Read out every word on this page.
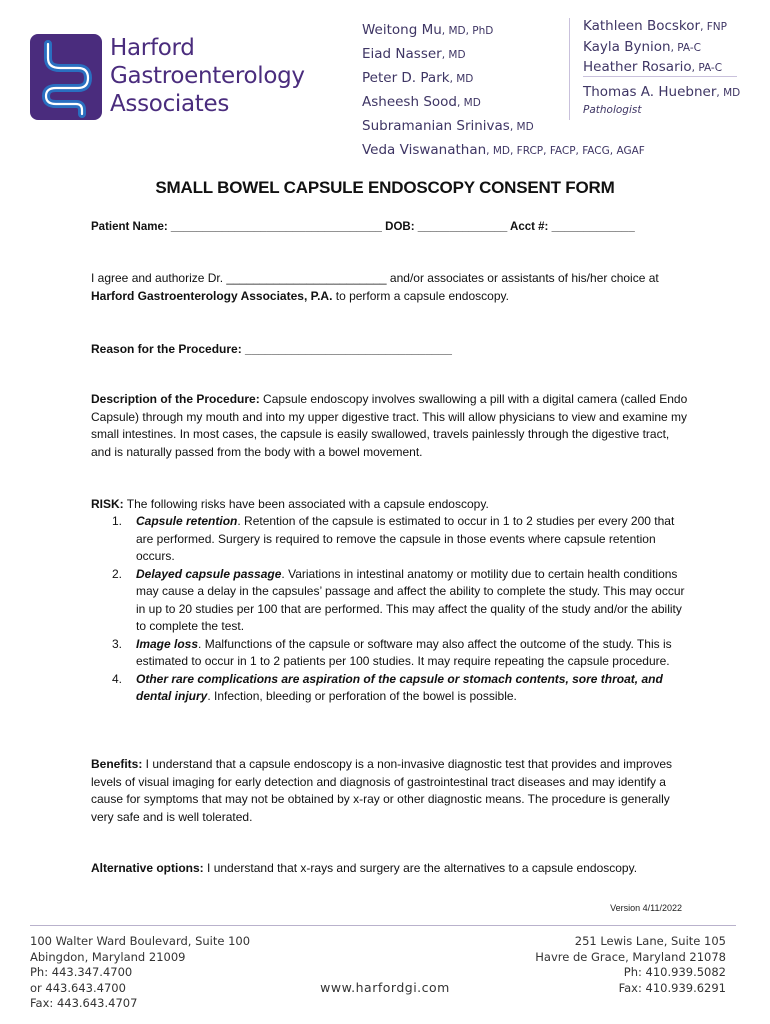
Harford
Gastroenterology
Associates
Weitong Mu, MD, PhD
Eiad Nasser, MD
Peter D. Park, MD
Asheesh Sood, MD
Subramanian Srinivas, MD
Veda Viswanathan, MD, FRCP, FACP, FACG, AGAF
Kathleen Bocskor, FNP
Kayla Bynion, PA-C
Heather Rosario, PA-C
Thomas A. Huebner, MD
Pathologist
SMALL BOWEL CAPSULE ENDOSCOPY CONSENT FORM
Patient Name: _________________________________ DOB: ______________ Acct #: _____________
I agree and authorize Dr. ________________________ and/or associates or assistants of his/her choice at
Harford Gastroenterology Associates, P.A. to perform a capsule endoscopy.
Reason for the Procedure: _______________________________
Description of the Procedure: Capsule endoscopy involves swallowing a pill with a digital camera (called Endo Capsule) through my mouth and into my upper digestive tract. This will allow physicians to view and examine my small intestines. In most cases, the capsule is easily swallowed, travels painlessly through the digestive tract, and is naturally passed from the body with a bowel movement.
RISK: The following risks have been associated with a capsule endoscopy.
1. Capsule retention. Retention of the capsule is estimated to occur in 1 to 2 studies per every 200 that are performed. Surgery is required to remove the capsule in those events where capsule retention occurs.
2. Delayed capsule passage. Variations in intestinal anatomy or motility due to certain health conditions may cause a delay in the capsules’ passage and affect the ability to complete the study. This may occur in up to 20 studies per 100 that are performed. This may affect the quality of the study and/or the ability to complete the test.
3. Image loss. Malfunctions of the capsule or software may also affect the outcome of the study. This is estimated to occur in 1 to 2 patients per 100 studies. It may require repeating the capsule procedure.
4. Other rare complications are aspiration of the capsule or stomach contents, sore throat, and dental injury. Infection, bleeding or perforation of the bowel is possible.
Benefits: I understand that a capsule endoscopy is a non-invasive diagnostic test that provides and improves levels of visual imaging for early detection and diagnosis of gastrointestinal tract diseases and may identify a cause for symptoms that may not be obtained by x-ray or other diagnostic means. The procedure is generally very safe and is well tolerated.
Alternative options: I understand that x-rays and surgery are the alternatives to a capsule endoscopy.
Version 4/11/2022
100 Walter Ward Boulevard, Suite 100
Abingdon, Maryland 21009
Ph: 443.347.4700
or 443.643.4700
Fax: 443.643.4707
251 Lewis Lane, Suite 105
Havre de Grace, Maryland 21078
Ph: 410.939.5082
Fax: 410.939.6291
www.harfordgi.com
